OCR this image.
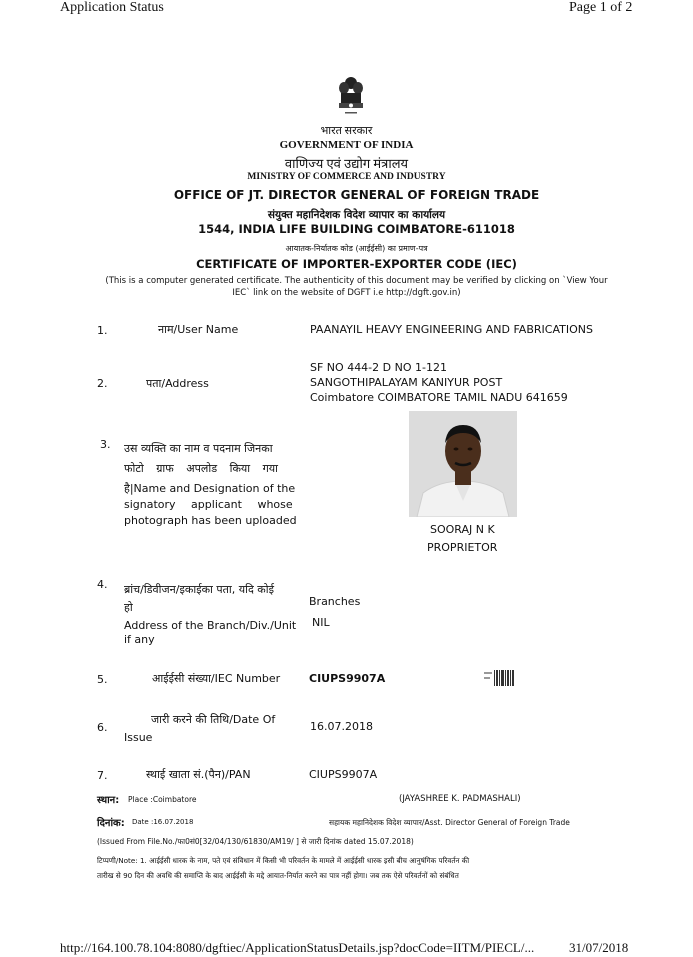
Application Status	Page 1 of 2
भारत सरकार
GOVERNMENT OF INDIA
वाणिज्य एवं उद्योग मंत्रालय
MINISTRY OF COMMERCE AND INDUSTRY
OFFICE OF JT. DIRECTOR GENERAL OF FOREIGN TRADE
संयुक्त महानिदेशक विदेश व्यापार का कार्यालय
1544, INDIA LIFE BUILDING COIMBATORE-611018
आयातक-निर्यातक कोड (आईईसी) का प्रमाण-पत्र
CERTIFICATE OF IMPORTER-EXPORTER CODE (IEC)
(This is a computer generated certificate. The authenticity of this document may be verified by clicking on `View Your
IEC` link on the website of DGFT i.e http://dgft.gov.in)
1.	नाम/User Name	PAANAYIL HEAVY ENGINEERING AND FABRICATIONS
2.	पता/Address
SF NO 444-2 D NO 1-121
SANGOTHIPALAYAM KANIYUR POST
Coimbatore COIMBATORE TAMIL NADU 641659
3. उस व्यक्ति का नाम व पदनाम जिनका
फोटो ग्राफ अपलोड किया गया
है|Name and Designation of the
signatory applicant whose
photograph has been uploaded
SOORAJ N K
PROPRIETOR
4. ब्रांच/डिवीजन/इकाईका पता, यदि कोई
हो
Address of the Branch/Div./Unit
if any
Branches
NIL
5.	आईईसी संख्या/IEC Number	CIUPS9907A
6.
जारी करने की तिथि/Date Of
Issue
16.07.2018
7.	स्थाई खाता सं.(पैन)/PAN	CIUPS9907A
स्थान: Place :Coimbatore	(JAYASHREE K. PADMASHALI)
दिनांक: Date :16.07.2018	सहायक महानिदेशक विदेश व्यापार/Asst. Director General of Foreign Trade
(Issued From File.No./फा0सं0[32/04/130/61830/AM19/ ] से जारी दिनांक dated 15.07.2018)
टिप्पणी/Note: 1. आईईसी धारक के नाम, पते एवं संविधान में किसी भी परिवर्तन के मामले में आईईसी धारक इसी बीच आनुषंगिक परिवर्तन की
तारीख से 90 दिन की अवधि की समाप्ति के बाद आईईसी के मद्दे आयात-निर्यात करने का पात्र नहीं होगा। जब तक ऐसे परिवर्तनों को संबंधित
http://164.100.78.104:8080/dgftiec/ApplicationStatusDetails.jsp?docCode=IITM/PIECL/...	31/07/2018
